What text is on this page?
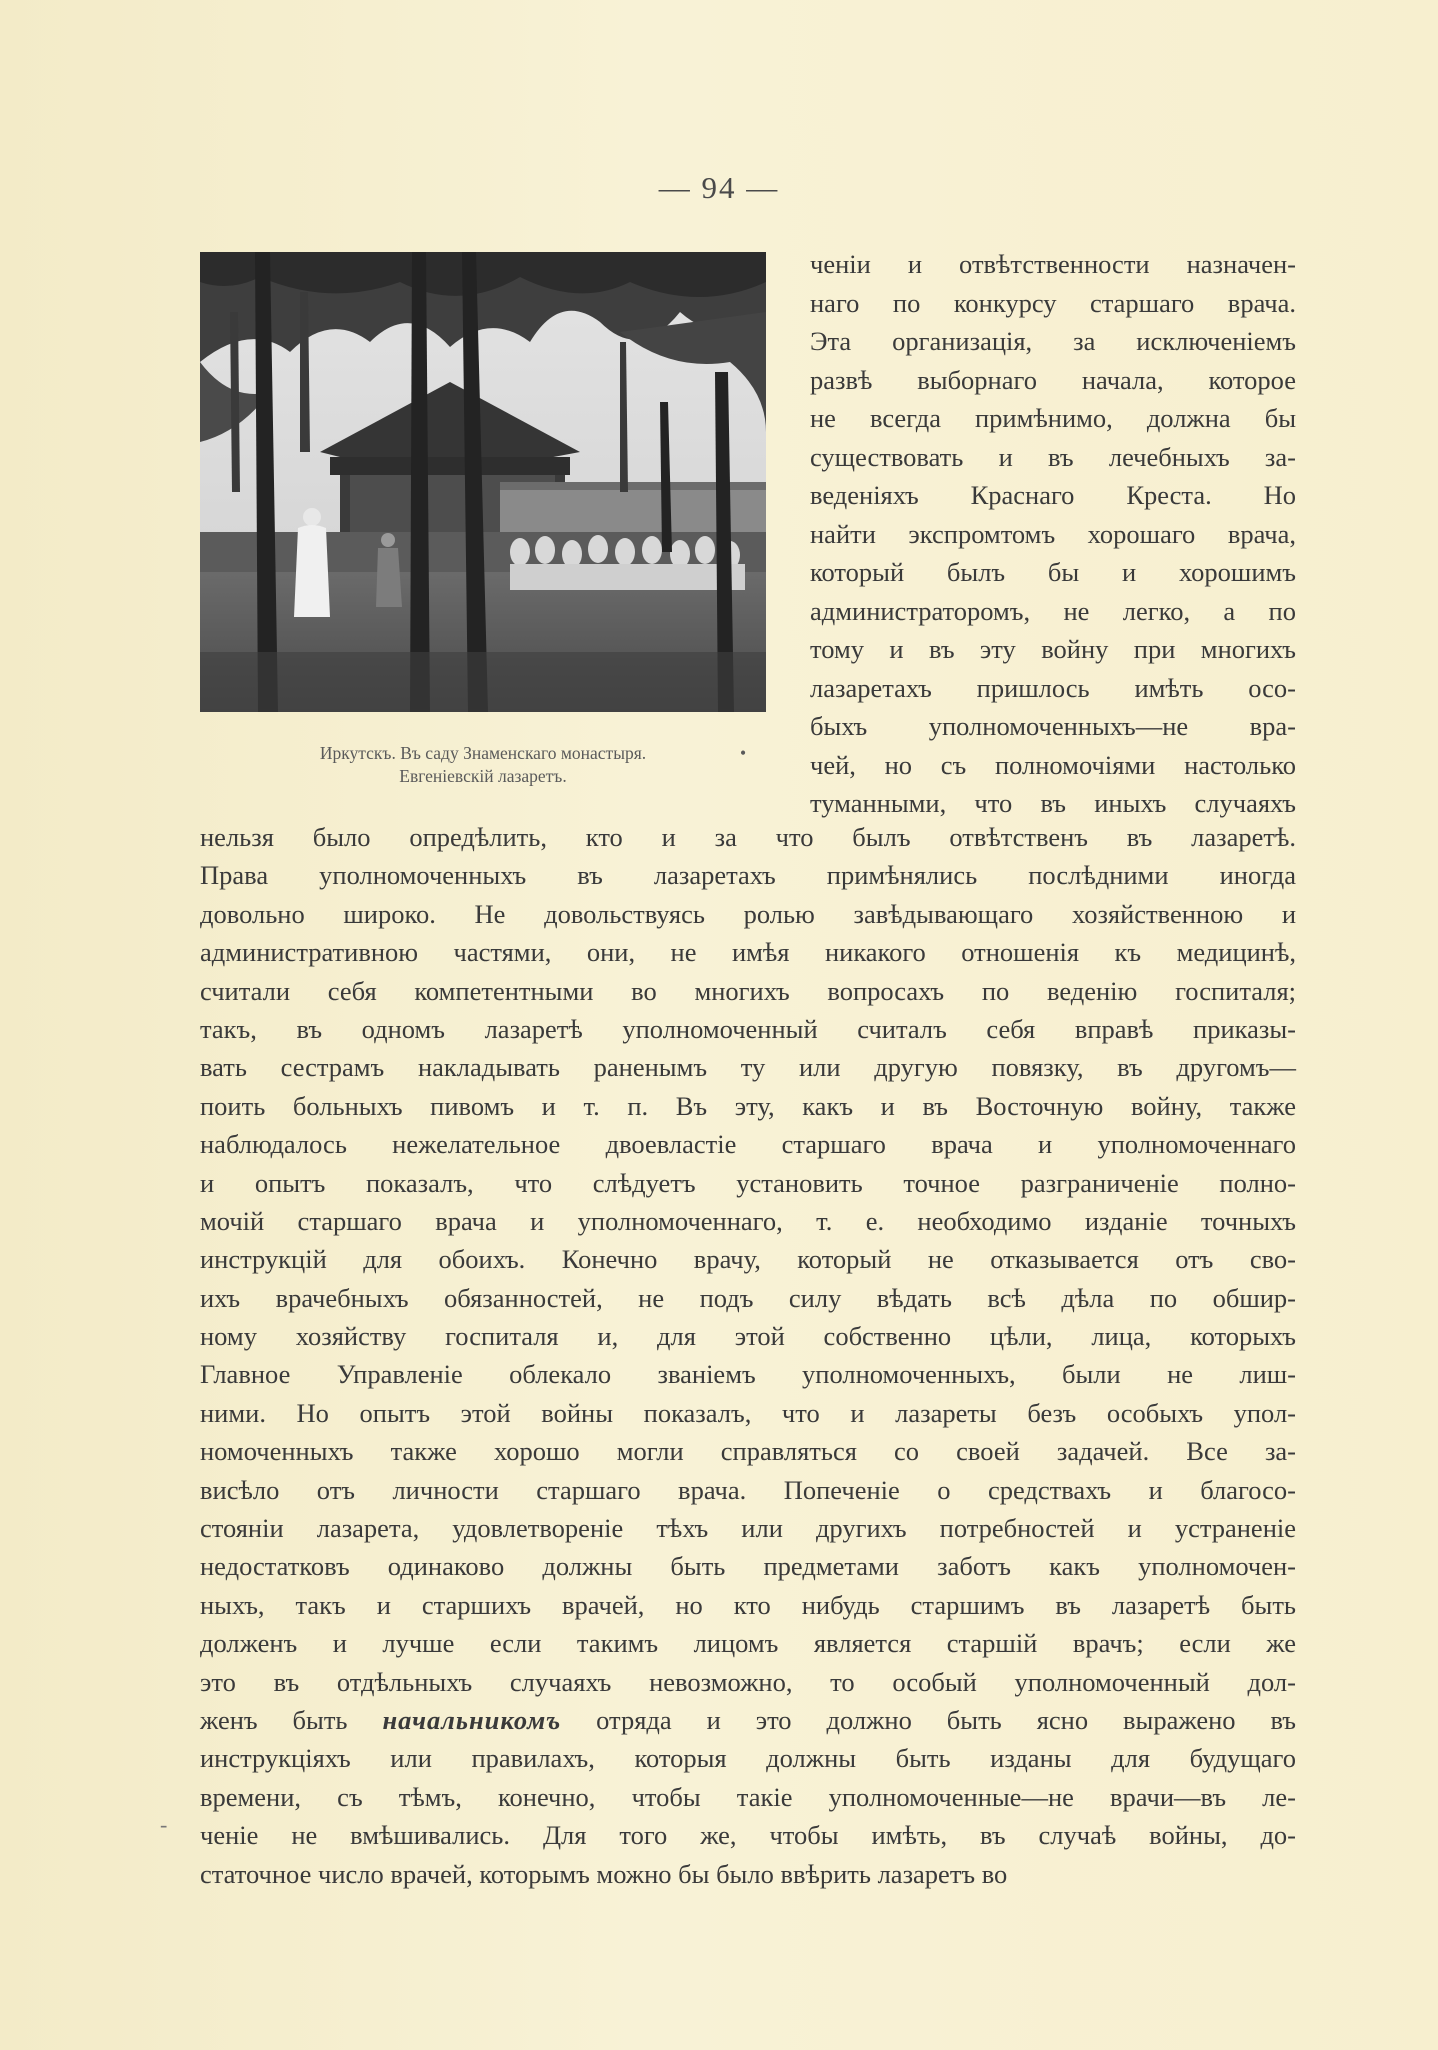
— 94 —
Иркутскъ. Въ саду Знаменскаго монастыря.
Евгеніевскій лазаретъ.
•
ченіи и отвѣтственности назначен-
наго по конкурсу старшаго врача.
Эта организація, за исключеніемъ
развѣ выборнаго начала, которое
не всегда примѣнимо, должна бы
существовать и въ лечебныхъ за-
веденіяхъ Краснаго Креста. Но
найти экспромтомъ хорошаго врача,
который былъ бы и хорошимъ
администраторомъ, не легко, а по
тому и въ эту войну при многихъ
лазаретахъ пришлось имѣть осо-
быхъ уполномоченныхъ—не вра-
чей, но съ полномочіями настолько
туманными, что въ иныхъ случаяхъ
нельзя было опредѣлить, кто и за что былъ отвѣтственъ въ лазаретѣ.
Права уполномоченныхъ въ лазаретахъ примѣнялись послѣдними иногда
довольно широко. Не довольствуясь ролью завѣдывающаго хозяйственною и
административною частями, они, не имѣя никакого отношенія къ медицинѣ,
считали себя компетентными во многихъ вопросахъ по веденію госпиталя;
такъ, въ одномъ лазаретѣ уполномоченный считалъ себя вправѣ приказы-
вать сестрамъ накладывать раненымъ ту или другую повязку, въ другомъ—
поить больныхъ пивомъ и т. п. Въ эту, какъ и въ Восточную войну, также
наблюдалось нежелательное двоевластіе старшаго врача и уполномоченнаго
и опытъ показалъ, что слѣдуетъ установить точное разграниченіе полно-
мочій старшаго врача и уполномоченнаго, т. е. необходимо изданіе точныхъ
инструкцій для обоихъ. Конечно врачу, который не отказывается отъ сво-
ихъ врачебныхъ обязанностей, не подъ силу вѣдать всѣ дѣла по обшир-
ному хозяйству госпиталя и, для этой собственно цѣли, лица, которыхъ
Главное Управленіе облекало званіемъ уполномоченныхъ, были не лиш-
ними. Но опытъ этой войны показалъ, что и лазареты безъ особыхъ упол-
номоченныхъ также хорошо могли справляться со своей задачей. Все за-
висѣло отъ личности старшаго врача. Попеченіе о средствахъ и благосо-
стояніи лазарета, удовлетвореніе тѣхъ или другихъ потребностей и устраненіе
недостатковъ одинаково должны быть предметами заботъ какъ уполномочен-
ныхъ, такъ и старшихъ врачей, но кто нибудь старшимъ въ лазаретѣ быть
долженъ и лучше если такимъ лицомъ является старшій врачъ; если же
это въ отдѣльныхъ случаяхъ невозможно, то особый уполномоченный дол-
женъ быть начальникомъ отряда и это должно быть ясно выражено въ
инструкціяхъ или правилахъ, которыя должны быть изданы для будущаго
времени, съ тѣмъ, конечно, чтобы такіе уполномоченные—не врачи—въ ле-
ченіе не вмѣшивались. Для того же, чтобы имѣть, въ случаѣ войны, до-
статочное число врачей, которымъ можно бы было ввѣрить лазаретъ во
-
